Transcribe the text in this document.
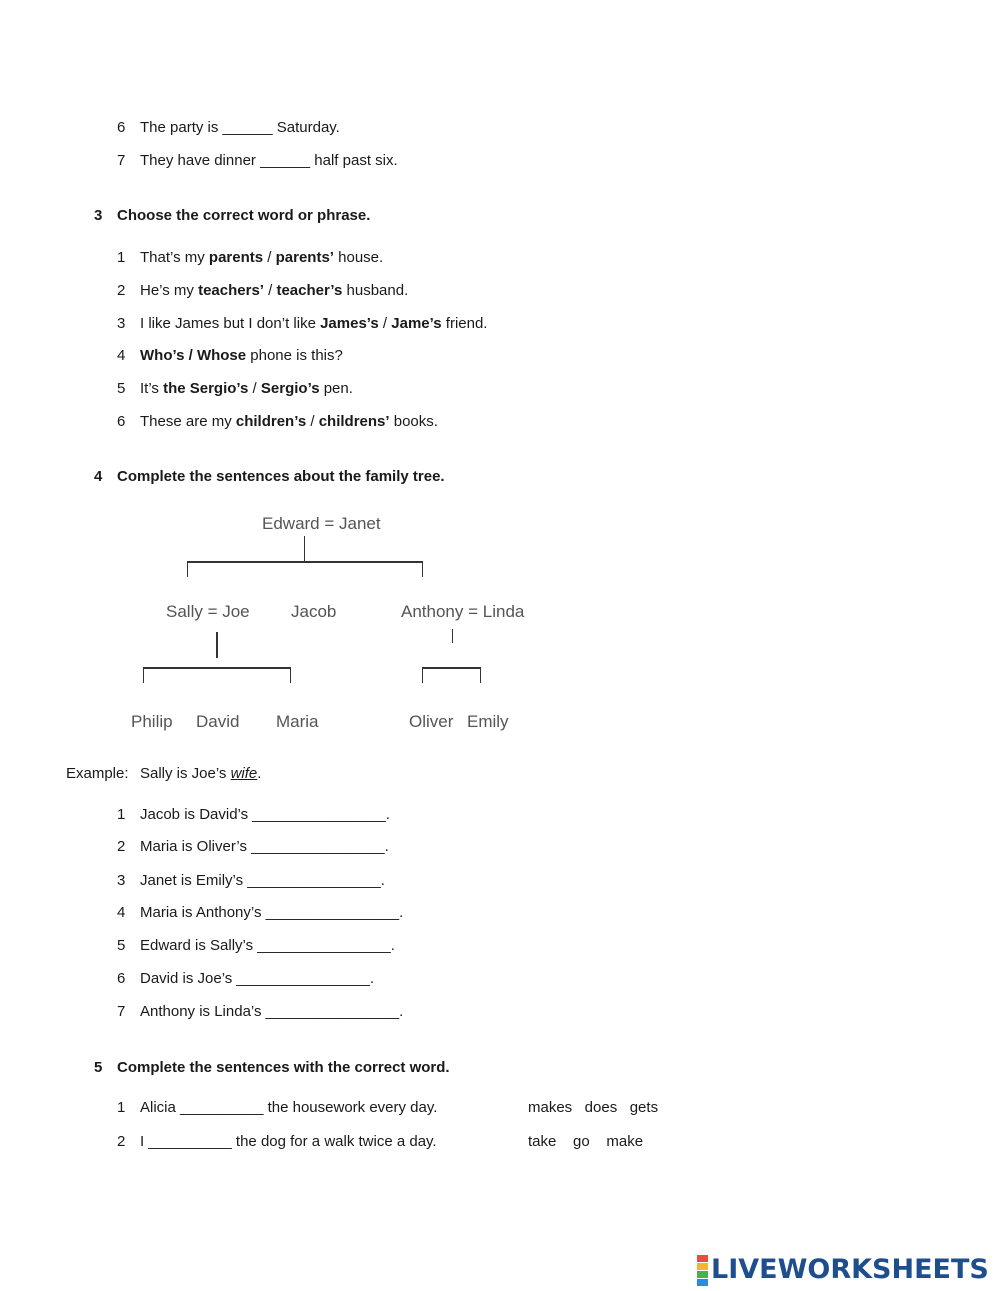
6 The party is ______ Saturday.
7 They have dinner ______ half past six.
3 Choose the correct word or phrase.
1 That’s my parents / parents’ house.
2 He’s my teachers’ / teacher’s husband.
3 I like James but I don’t like James’s / Jame’s friend.
4 Who’s / Whose phone is this?
5 It’s the Sergio’s / Sergio’s pen.
6 These are my children’s / childrens’ books.
4 Complete the sentences about the family tree.
Edward = Janet
Sally = Joe Jacob	Anthony = Linda
Philip David Maria	Oliver Emily
Example: Sally is Joe’s wife.
1 Jacob is David’s ________________.
2 Maria is Oliver’s ________________.
3 Janet is Emily’s ________________.
4 Maria is Anthony’s ________________.
5 Edward is Sally’s ________________.
6 David is Joe’s ________________.
7 Anthony is Linda’s ________________.
5 Complete the sentences with the correct word.
1 Alicia __________ the housework every day.	makes   does   gets
2 I __________ the dog for a walk twice a day.	take    go    make
LIVEWORKSHEETS
